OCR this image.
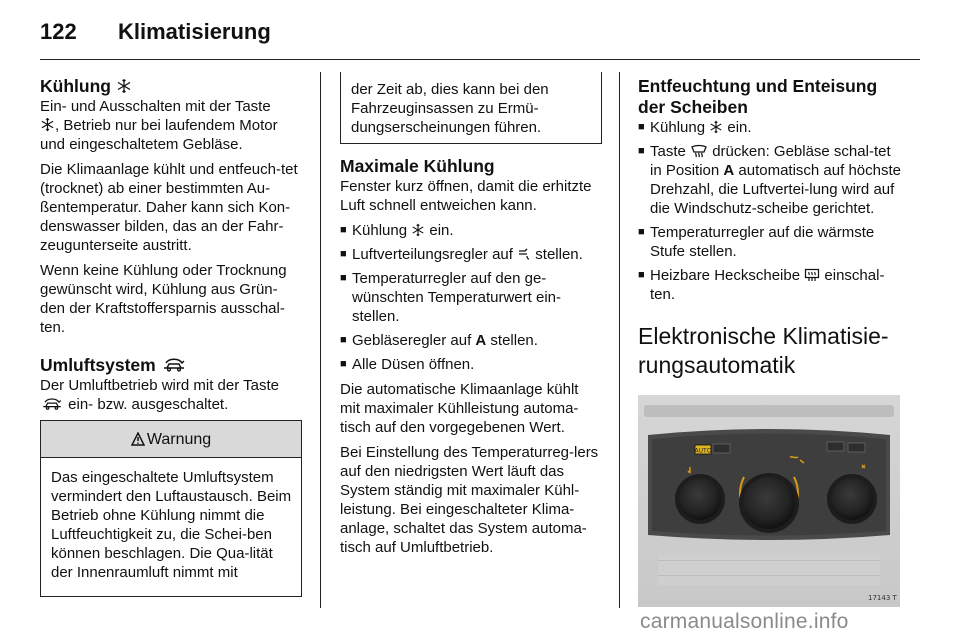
122 Klimatisierung
Kühlung

Ein- und Ausschalten mit der Taste

, Betrieb nur bei laufendem Motor und eingeschaltetem Gebläse.

Die Klimaanlage kühlt und entfeuch-tet (trocknet) ab einer bestimmten Au-ßentemperatur. Daher kann sich Kon-denswasser bilden, das an der Fahr-zeugunterseite austritt.

Wenn keine Kühlung oder Trocknung gewünscht wird, Kühlung aus Grün-den der Kraftstoffersparnis ausschal-ten.

Umluftsystem

Der Umluftbetrieb wird mit der Taste

ein- bzw. ausgeschaltet.

Warnung
Das eingeschaltete Umluftsystem vermindert den Luftaustausch. Beim Betrieb ohne Kühlung nimmt die Luftfeuchtigkeit zu, die Schei-ben können beschlagen. Die Qua-lität der Innenraumluft nimmt mit
der Zeit ab, dies kann bei den Fahrzeuginsassen zu Ermü-dungserscheinungen führen.
Maximale Kühlung

Fenster kurz öffnen, damit die erhitzte Luft schnell entweichen kann.

■ Kühlung
ein.
■ Luftverteilungsregler auf
stellen.
■ Temperaturregler auf den ge-wünschten Temperaturwert ein-stellen.
■ Gebläseregler auf A stellen.
■ Alle Düsen öffnen.

Die automatische Klimaanlage kühlt mit maximaler Kühlleistung automa-tisch auf den vorgegebenen Wert.

Bei Einstellung des Temperaturreg-lers auf den niedrigsten Wert läuft das System ständig mit maximaler Kühl-leistung. Bei eingeschalteter Klima-anlage, schaltet das System automa-tisch auf Umluftbetrieb.

Entfeuchtung und Enteisung der Scheiben
■ Kühlung
ein.
■ Taste
drücken: Gebläse schal-tet in Position A automatisch auf höchste Drehzahl, die Luftvertei-lung wird auf die Windschutz-scheibe gerichtet.
■ Temperaturregler auf die wärmste Stufe stellen.
■ Heizbare Heckscheibe
einschal-ten.
Elektronische Klimatisie-rungsautomatik
AUTO
17143 T
carmanualsonline.info
